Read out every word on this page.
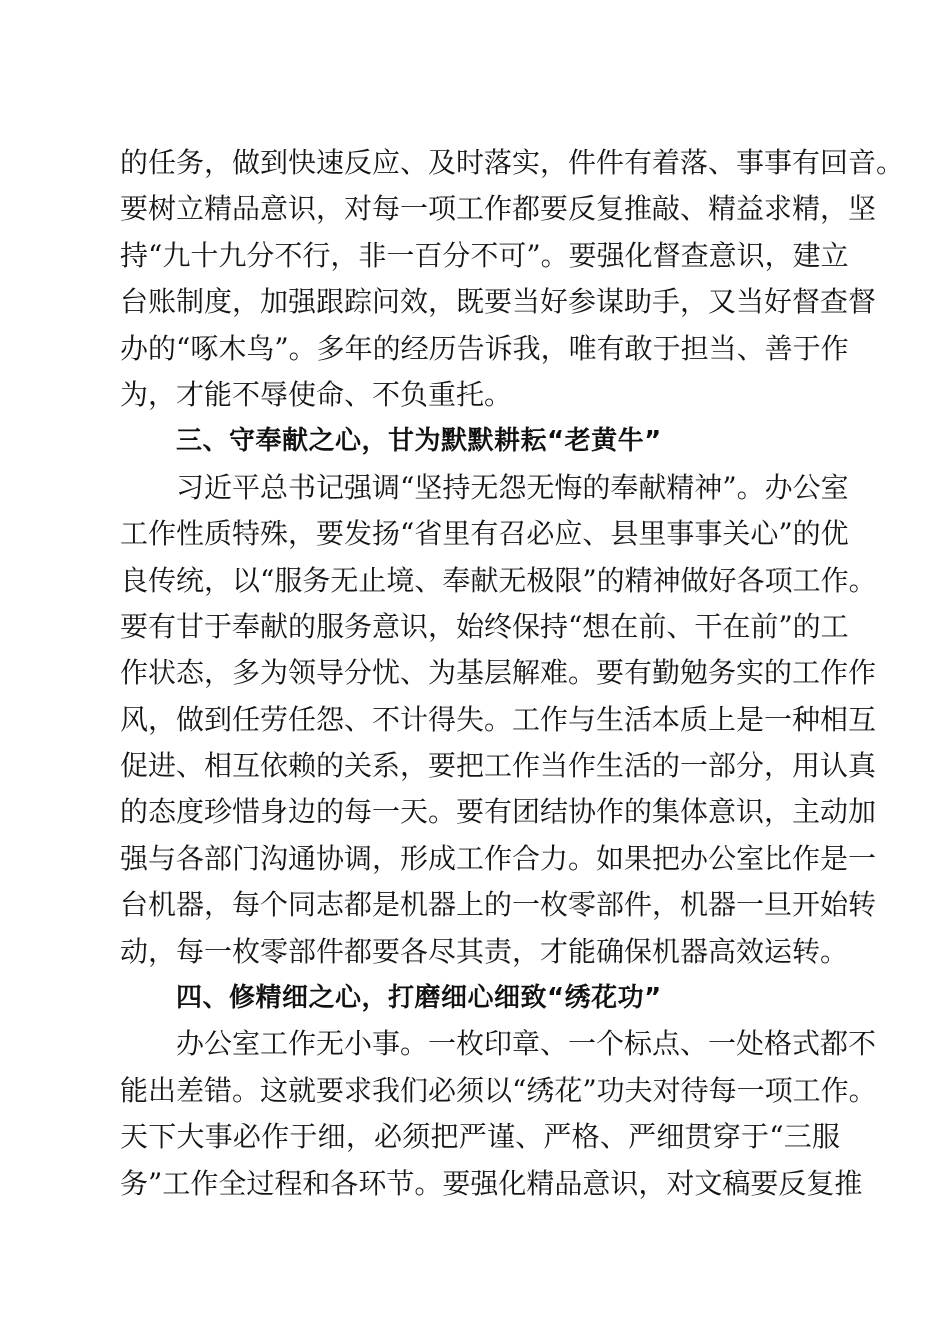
的任务，做到快速反应、及时落实，件件有着落、事事有回音。
要树立精品意识，对每一项工作都要反复推敲、精益求精，坚
持“九十九分不行，非一百分不可”。要强化督查意识，建立
台账制度，加强跟踪问效，既要当好参谋助手，又当好督查督
办的“啄木鸟”。多年的经历告诉我，唯有敢于担当、善于作
为，才能不辱使命、不负重托。
三、守奉献之心，甘为默默耕耘“老黄牛”
习近平总书记强调“坚持无怨无悔的奉献精神”。办公室
工作性质特殊，要发扬“省里有召必应、县里事事关心”的优
良传统，以“服务无止境、奉献无极限”的精神做好各项工作。
要有甘于奉献的服务意识，始终保持“想在前、干在前”的工
作状态，多为领导分忧、为基层解难。要有勤勉务实的工作作
风，做到任劳任怨、不计得失。工作与生活本质上是一种相互
促进、相互依赖的关系，要把工作当作生活的一部分，用认真
的态度珍惜身边的每一天。要有团结协作的集体意识，主动加
强与各部门沟通协调，形成工作合力。如果把办公室比作是一
台机器，每个同志都是机器上的一枚零部件，机器一旦开始转
动，每一枚零部件都要各尽其责，才能确保机器高效运转。
四、修精细之心，打磨细心细致“绣花功”
办公室工作无小事。一枚印章、一个标点、一处格式都不
能出差错。这就要求我们必须以“绣花”功夫对待每一项工作。
天下大事必作于细，必须把严谨、严格、严细贯穿于“三服
务”工作全过程和各环节。要强化精品意识，对文稿要反复推
